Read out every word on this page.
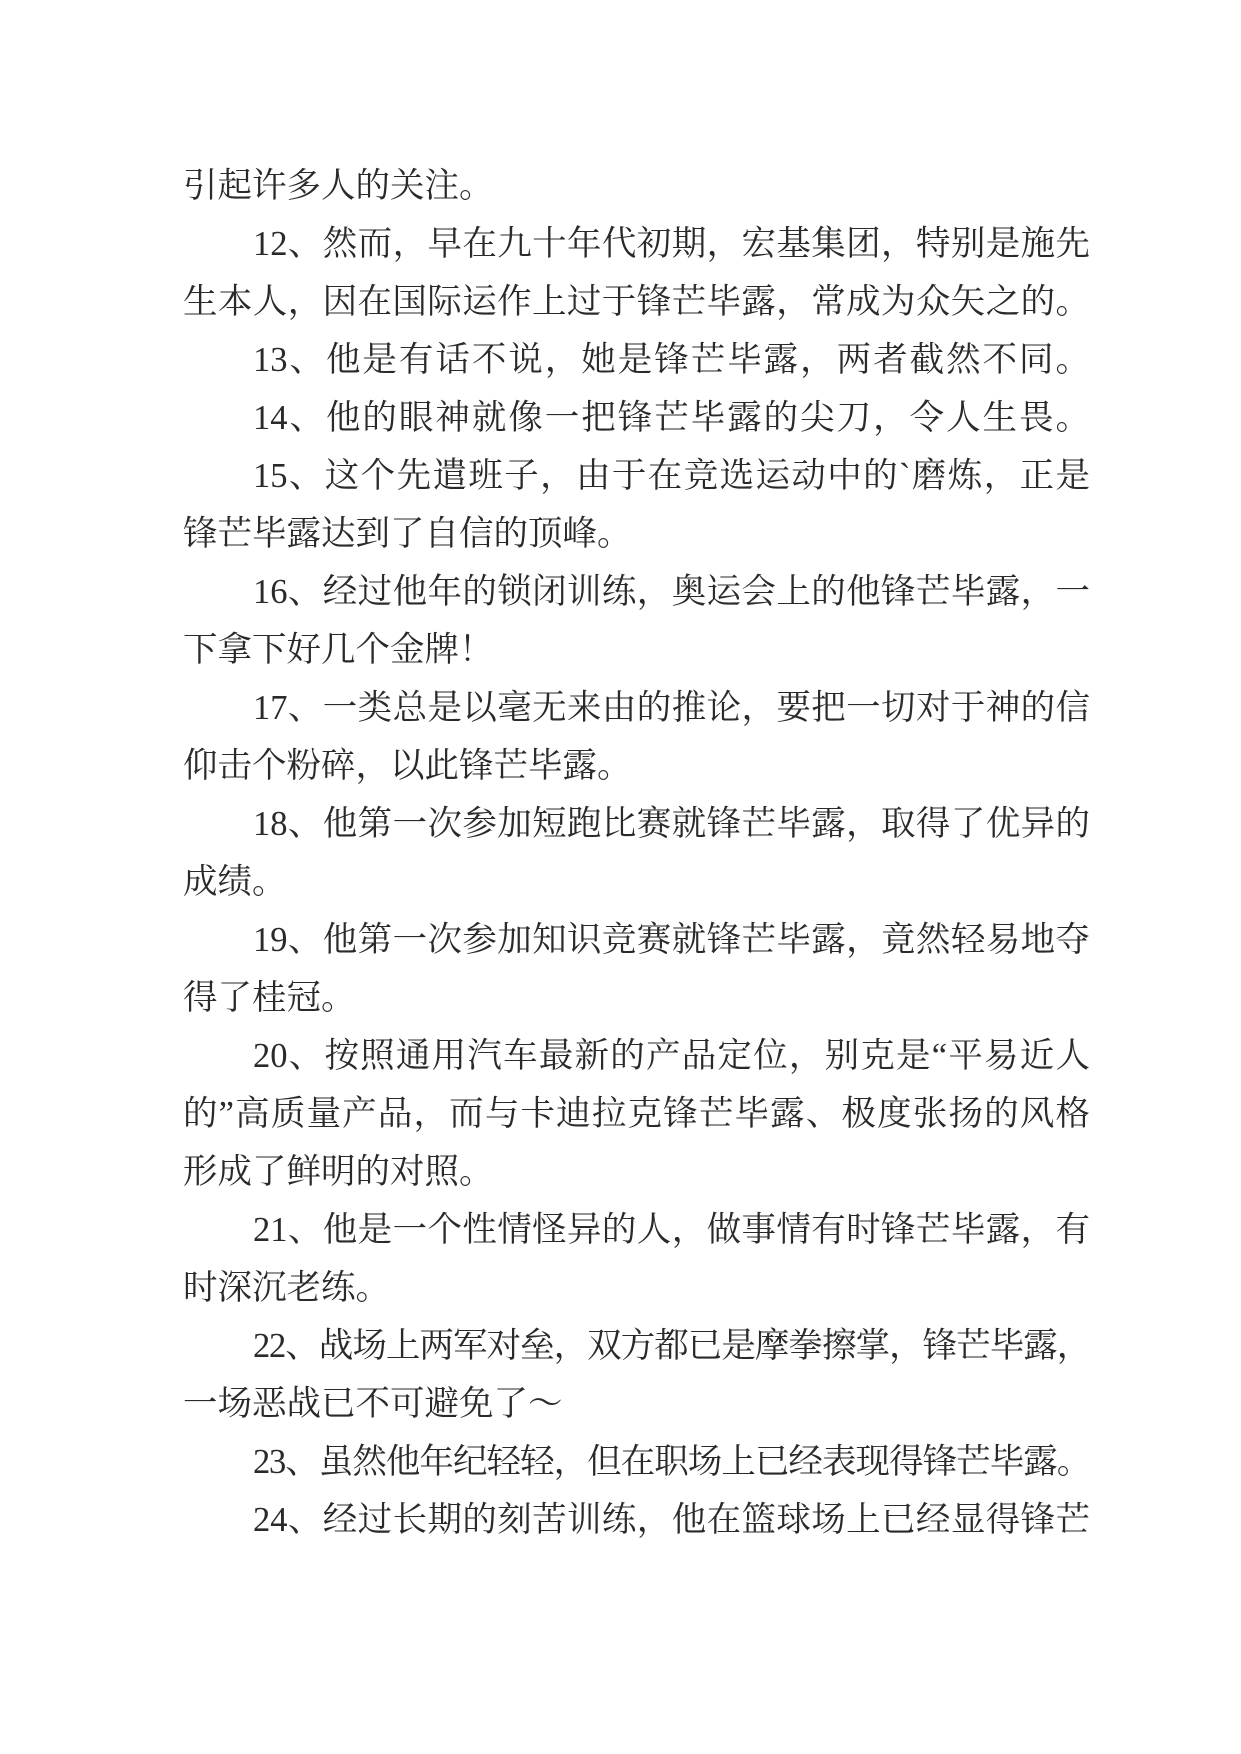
引起许多人的关注。
12、然而，早在九十年代初期，宏基集团，特别是施先
生本人，因在国际运作上过于锋芒毕露，常成为众矢之的。
13、他是有话不说，她是锋芒毕露，两者截然不同。
14、他的眼神就像一把锋芒毕露的尖刀，令人生畏。
15、这个先遣班子，由于在竞选运动中的`磨炼，正是
锋芒毕露达到了自信的顶峰。
16、经过他年的锁闭训练，奥运会上的他锋芒毕露，一
下拿下好几个金牌！
17、一类总是以毫无来由的推论，要把一切对于神的信
仰击个粉碎，以此锋芒毕露。
18、他第一次参加短跑比赛就锋芒毕露，取得了优异的
成绩。
19、他第一次参加知识竞赛就锋芒毕露，竟然轻易地夺
得了桂冠。
20、按照通用汽车最新的产品定位，别克是“平易近人
的”高质量产品，而与卡迪拉克锋芒毕露、极度张扬的风格
形成了鲜明的对照。
21、他是一个性情怪异的人，做事情有时锋芒毕露，有
时深沉老练。
22、战场上两军对垒，双方都已是摩拳擦掌，锋芒毕露，
一场恶战已不可避免了～
23、虽然他年纪轻轻，但在职场上已经表现得锋芒毕露。
24、经过长期的刻苦训练，他在篮球场上已经显得锋芒
